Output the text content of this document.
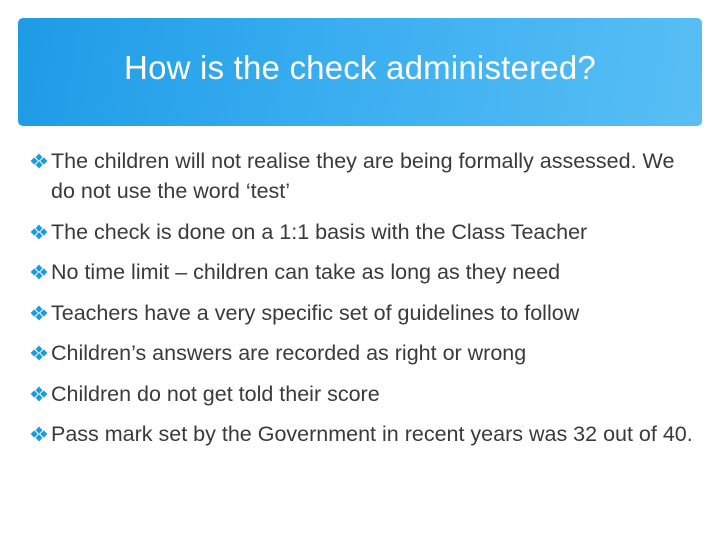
How is the check administered?
The children will not realise they are being formally assessed. We do not use the word ‘test’
The check is done on a 1:1 basis with the Class Teacher
No time limit – children can take as long as they need
Teachers have a very specific set of guidelines to follow
Children’s answers are recorded as right or wrong
Children do not get told their score
Pass mark set by the Government in recent years was 32 out of 40.
